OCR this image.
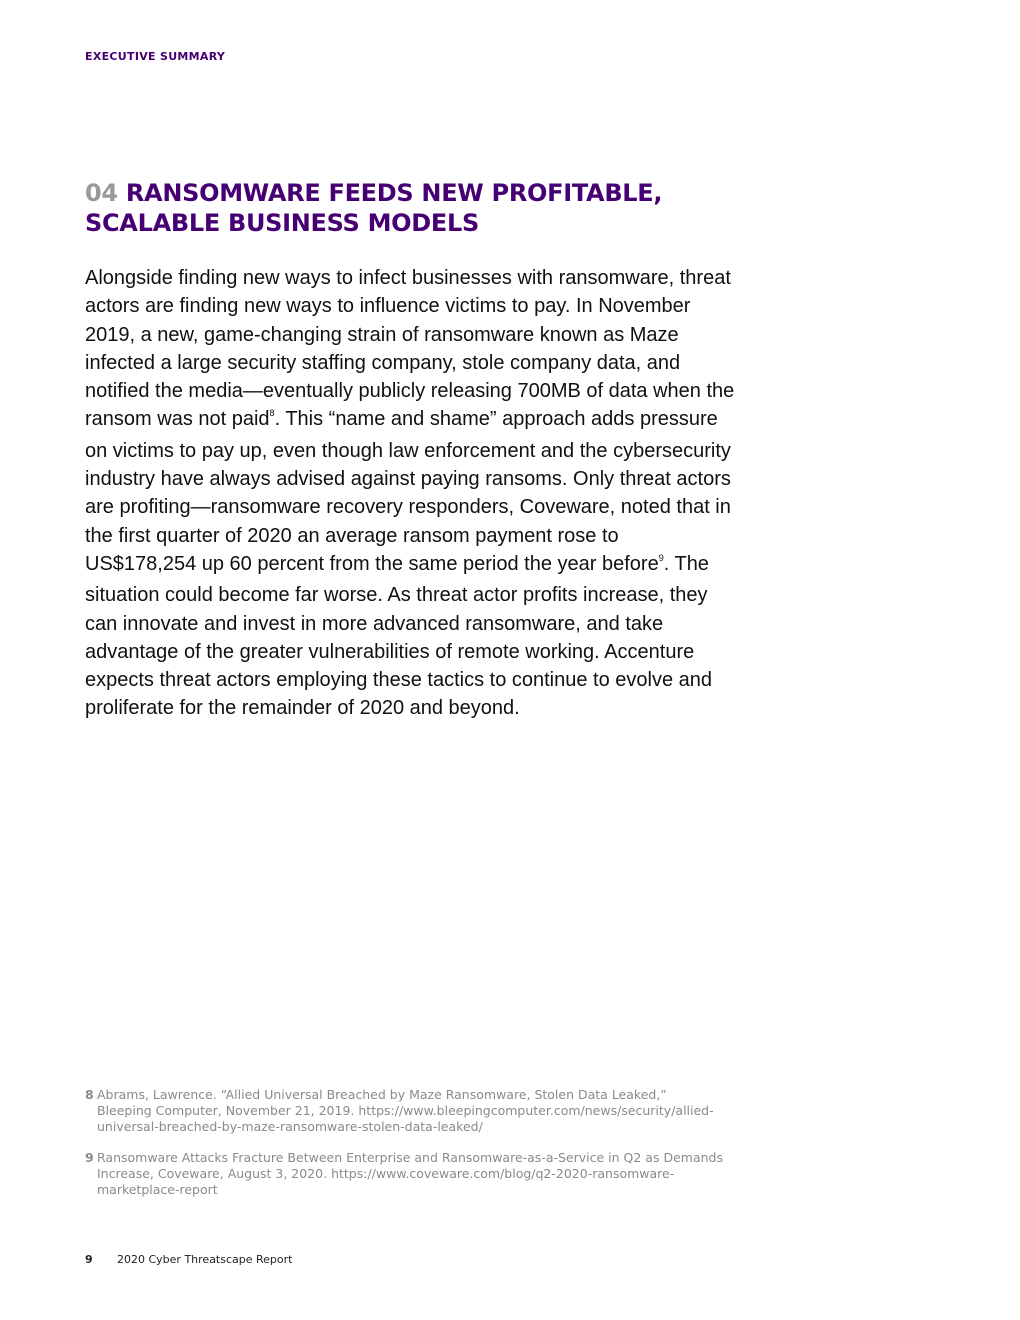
EXECUTIVE SUMMARY
04 RANSOMWARE FEEDS NEW PROFITABLE, SCALABLE BUSINESS MODELS

Alongside finding new ways to infect businesses with ransomware, threat actors are finding new ways to influence victims to pay. In November 2019, a new, game-changing strain of ransomware known as Maze infected a large security staffing company, stole company data, and notified the media—eventually publicly releasing 700MB of data when the ransom was not paid$^8$. This “name and shame” approach adds pressure on victims to pay up, even though law enforcement and the cybersecurity industry have always advised against paying ransoms. Only threat actors are profiting—ransomware recovery responders, Coveware, noted that in the first quarter of 2020 an average ransom payment rose to US$178,254 up 60 percent from the same period the year before$^9$. The situation could become far worse. As threat actor profits increase, they can innovate and invest in more advanced ransomware, and take advantage of the greater vulnerabilities of remote working. Accenture expects threat actors employing these tactics to continue to evolve and proliferate for the remainder of 2020 and beyond.

8 Abrams, Lawrence. “Allied Universal Breached by Maze Ransomware, Stolen Data Leaked,” Bleeping Computer, November 21, 2019. https://www.bleepingcomputer.com/news/security/allied-universal-breached-by-maze-ransomware-stolen-data-leaked/
9 Ransomware Attacks Fracture Between Enterprise and Ransomware-as-a-Service in Q2 as Demands Increase, Coveware, August 3, 2020. https://www.coveware.com/blog/q2-2020-ransomware-marketplace-report
9 2020 Cyber Threatscape Report
